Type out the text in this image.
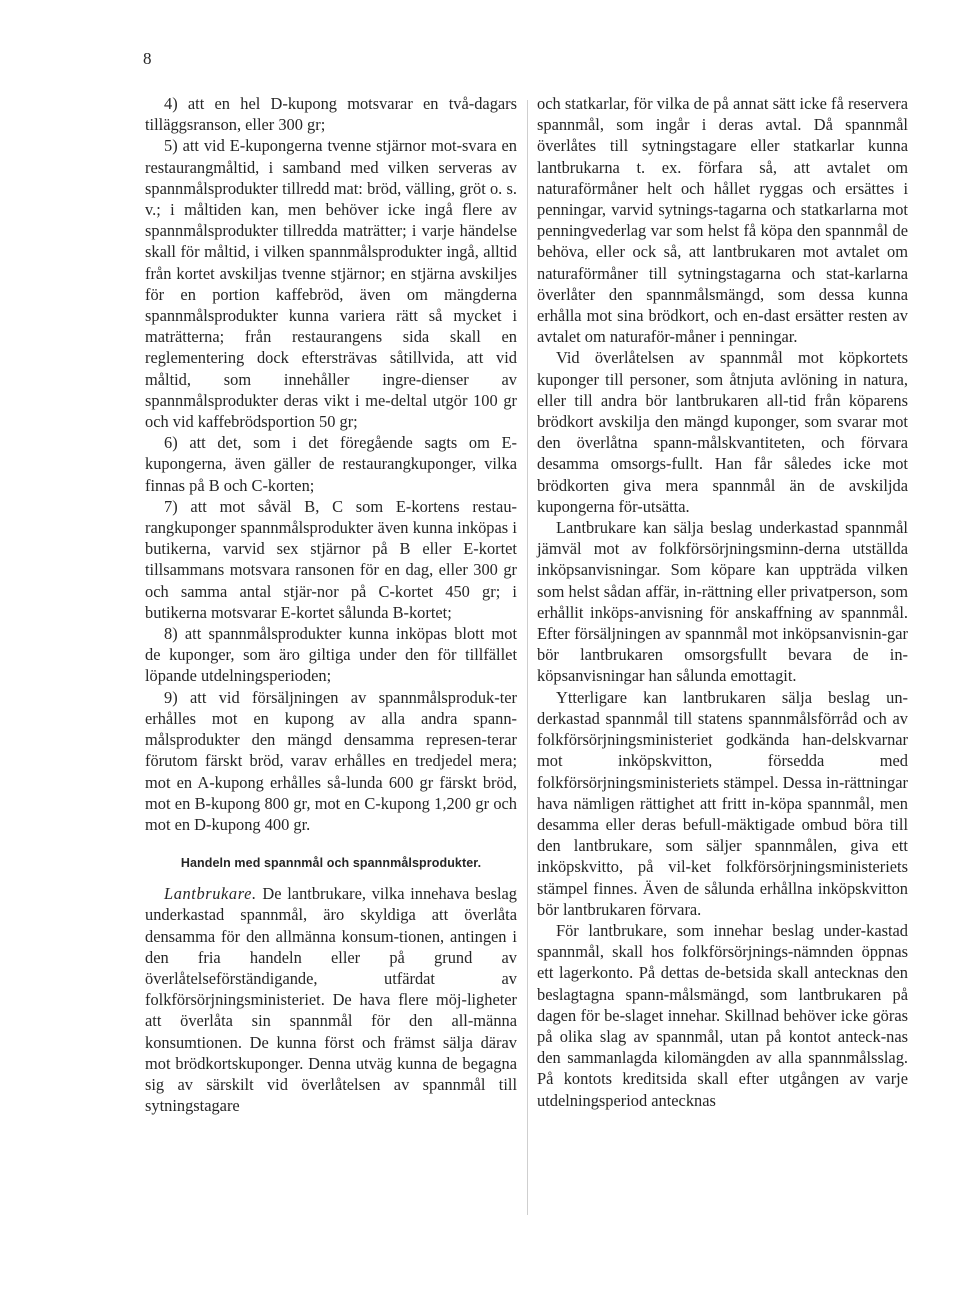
8

4) att en hel D-kupong motsvarar en två-dagars tilläggsranson, eller 300 gr;

5) att vid E-kupongerna tvenne stjärnor mot-svara en restaurangmåltid, i samband med vilken serveras av spannmålsprodukter tillredd mat: bröd, välling, gröt o. s. v.; i måltiden kan, men behöver icke ingå flere av spannmålsprodukter tillredda maträtter; i varje händelse skall för måltid, i vilken spannmålsprodukter ingå, alltid från kortet avskiljas tvenne stjärnor; en stjärna avskiljes för en portion kaffebröd, även om mängderna spannmålsprodukter kunna variera rätt så mycket i maträtterna; från restaurangens sida skall en reglementering dock eftersträvas såtillvida, att vid måltid, som innehåller ingre-dienser av spannmålsprodukter deras vikt i me-deltal utgör 100 gr och vid kaffebrödsportion 50 gr;

6) att det, som i det föregående sagts om E-kupongerna, även gäller de restaurangkuponger, vilka finnas på B och C-korten;

7) att mot såväl B, C som E-kortens restau-rangkuponger spannmålsprodukter även kunna inköpas i butikerna, varvid sex stjärnor på B eller E-kortet tillsammans motsvara ransonen för en dag, eller 300 gr och samma antal stjär-nor på C-kortet 450 gr; i butikerna motsvarar E-kortet sålunda B-kortet;

8) att spannmålsprodukter kunna inköpas blott mot de kuponger, som äro giltiga under den för tillfället löpande utdelningsperioden;

9) att vid försäljningen av spannmålsproduk-ter erhålles mot en kupong av alla andra spann-målsprodukter den mängd densamma represen-terar förutom färskt bröd, varav erhålles en tredjedel mera; mot en A-kupong erhålles så-lunda 600 gr färskt bröd, mot en B-kupong 800 gr, mot en C-kupong 1,200 gr och mot en D-kupong 400 gr.

Handeln med spannmål och spannmålsprodukter.

Lantbrukare. De lantbrukare, vilka innehava beslag underkastad spannmål, äro skyldiga att överlåta densamma för den allmänna konsum-tionen, antingen i den fria handeln eller på grund av överlåtelseförständigande, utfärdat av folkförsörjningsministeriet. De hava flere möj-ligheter att överlåta sin spannmål för den all-männa konsumtionen. De kunna först och främst sälja därav mot brödkortskuponger. Denna utväg kunna de begagna sig av särskilt vid överlåtelsen av spannmål till sytningstagare

och statkarlar, för vilka de på annat sätt icke få reservera spannmål, som ingår i deras avtal. Då spannmål överlåtes till sytningstagare eller statkarlar kunna lantbrukarna t. ex. förfara så, att avtalet om naturaförmåner helt och hållet ryggas och ersättes i penningar, varvid sytnings-tagarna och statkarlarna mot penningvederlag var som helst få köpa den spannmål de behöva, eller ock så, att lantbrukaren mot avtalet om naturaförmåner till sytningstagarna och stat-karlarna överlåter den spannmålsmängd, som dessa kunna erhålla mot sina brödkort, och en-dast ersätter resten av avtalet om naturaför-måner i penningar.

Vid överlåtelsen av spannmål mot köpkortets kuponger till personer, som åtnjuta avlöning in natura, eller till andra bör lantbrukaren all-tid från köparens brödkort avskilja den mängd kuponger, som svarar mot den överlåtna spann-målskvantiteten, och förvara desamma omsorgs-fullt. Han får således icke mot brödkorten giva mera spannmål än de avskiljda kupongerna för-utsätta.

Lantbrukare kan sälja beslag underkastad spannmål jämväl mot av folkförsörjningsminn-derna utställda inköpsanvisningar. Som köpare kan uppträda vilken som helst sådan affär, in-rättning eller privatperson, som erhållit inköps-anvisning för anskaffning av spannmål. Efter försäljningen av spannmål mot inköpsanvisnin-gar bör lantbrukaren omsorgsfullt bevara de in-köpsanvisningar han sålunda emottagit.

Ytterligare kan lantbrukaren sälja beslag un-derkastad spannmål till statens spannmålsförråd och av folkförsörjningsministeriet godkända han-delskvarnar mot inköpskvitton, försedda med folkförsörjningsministeriets stämpel. Dessa in-rättningar hava nämligen rättighet att fritt in-köpa spannmål, men desamma eller deras befull-mäktigade ombud böra till den lantbrukare, som säljer spannmålen, giva ett inköpskvitto, på vil-ket folkförsörjningsministeriets stämpel finnes. Även de sålunda erhållna inköpskvitton bör lantbrukaren förvara.

För lantbrukare, som innehar beslag under-kastad spannmål, skall hos folkförsörjnings-nämnden öppnas ett lagerkonto. På dettas de-betsida skall antecknas den beslagtagna spann-målsmängd, som lantbrukaren på dagen för be-slaget innehar. Skillnad behöver icke göras på olika slag av spannmål, utan på kontot anteck-nas den sammanlagda kilomängden av alla spannmålsslag. På kontots kreditsida skall efter utgången av varje utdelningsperiod antecknas
